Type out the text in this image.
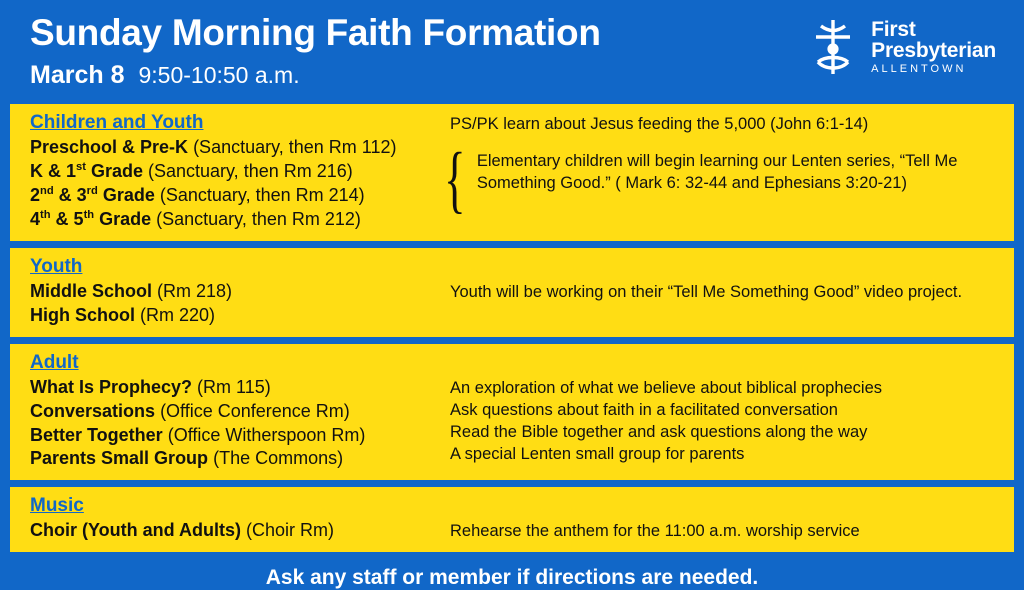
Sunday Morning Faith Formation
March 8 9:50-10:50 a.m.
First
Presbyterian
ALLENTOWN
Children and Youth
Preschool & Pre-K (Sanctuary, then Rm 112)
K & 1st Grade (Sanctuary, then Rm 216)
2nd & 3rd Grade (Sanctuary, then Rm 214)
4th & 5th Grade (Sanctuary, then Rm 212)
PS/PK learn about Jesus feeding the 5,000 (John 6:1-14)
{ Elementary children will begin learning our Lenten series, “Tell Me Something Good.” ( Mark 6: 32-44 and Ephesians 3:20-21)
Youth
Middle School (Rm 218)
High School (Rm 220)
Youth will be working on their “Tell Me Something Good” video project.
Adult
What Is Prophecy? (Rm 115)
Conversations (Office Conference Rm)
Better Together (Office Witherspoon Rm)
Parents Small Group (The Commons)
An exploration of what we believe about biblical prophecies
Ask questions about faith in a facilitated conversation
Read the Bible together and ask questions along the way
A special Lenten small group for parents
Music
Choir (Youth and Adults) (Choir Rm)	Rehearse the anthem for the 11:00 a.m. worship service
Ask any staff or member if directions are needed.
